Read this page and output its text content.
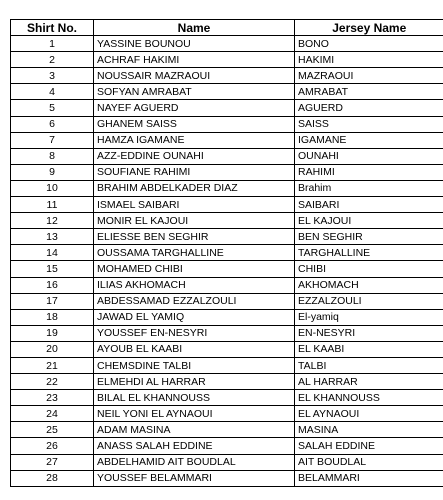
Shirt No.	Name	Jersey Name
1	YASSINE BOUNOU	BONO
2	ACHRAF HAKIMI	HAKIMI
3	NOUSSAIR MAZRAOUI	MAZRAOUI
4	SOFYAN AMRABAT	AMRABAT
5	NAYEF AGUERD	AGUERD
6	GHANEM SAISS	SAISS
7	HAMZA IGAMANE	IGAMANE
8	AZZ-EDDINE OUNAHI	OUNAHI
9	SOUFIANE RAHIMI	RAHIMI
10	BRAHIM ABDELKADER DIAZ	Brahim
11	ISMAEL SAIBARI	SAIBARI
12	MONIR EL KAJOUI	EL KAJOUI
13	ELIESSE BEN SEGHIR	BEN SEGHIR
14	OUSSAMA TARGHALLINE	TARGHALLINE
15	MOHAMED CHIBI	CHIBI
16	ILIAS AKHOMACH	AKHOMACH
17	ABDESSAMAD EZZALZOULI	EZZALZOULI
18	JAWAD EL YAMIQ	El-yamiq
19	YOUSSEF EN-NESYRI	EN-NESYRI
20	AYOUB EL KAABI	EL KAABI
21	CHEMSDINE TALBI	TALBI
22	ELMEHDI AL HARRAR	AL HARRAR
23	BILAL EL KHANNOUSS	EL KHANNOUSS
24	NEIL YONI EL AYNAOUI	EL AYNAOUI
25	ADAM MASINA	MASINA
26	ANASS SALAH EDDINE	SALAH EDDINE
27	ABDELHAMID AIT BOUDLAL	AIT BOUDLAL
28	YOUSSEF BELAMMARI	BELAMMARI
